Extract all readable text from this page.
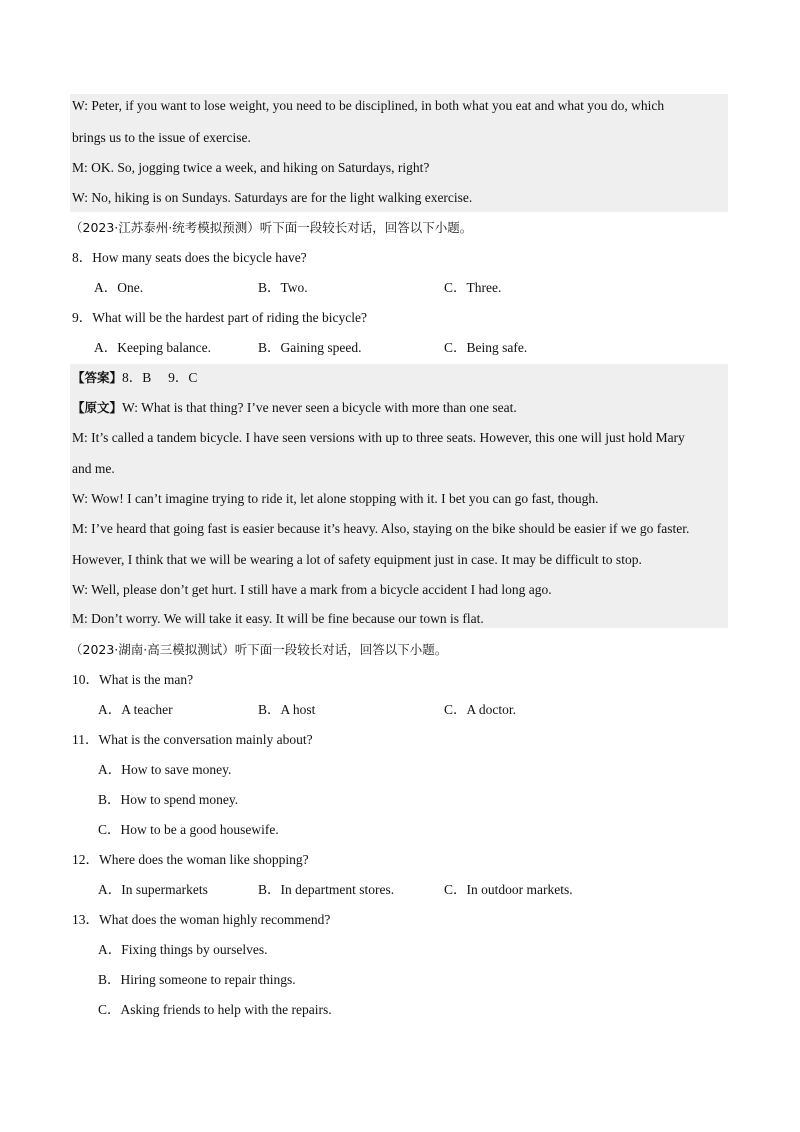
W: Peter, if you want to lose weight, you need to be disciplined, in both what you eat and what you do, which
brings us to the issue of exercise.
M: OK. So, jogging twice a week, and hiking on Saturdays, right?
W: No, hiking is on Sundays. Saturdays are for the light walking exercise.
（2023·江苏泰州·统考模拟预测）听下面一段较长对话，回答以下小题。
8．How many seats does the bicycle have?
A．One.	B．Two.	C．Three.
9．What will be the hardest part of riding the bicycle?
A．Keeping balance.	B．Gaining speed.	C．Being safe.
【答案】8．B　 9．C
【原文】W: What is that thing? I’ve never seen a bicycle with more than one seat.
M: It’s called a tandem bicycle. I have seen versions with up to three seats. However, this one will just hold Mary
and me.
W: Wow! I can’t imagine trying to ride it, let alone stopping with it. I bet you can go fast, though.
M: I’ve heard that going fast is easier because it’s heavy. Also, staying on the bike should be easier if we go faster.
However, I think that we will be wearing a lot of safety equipment just in case. It may be difficult to stop.
W: Well, please don’t get hurt. I still have a mark from a bicycle accident I had long ago.
M: Don’t worry. We will take it easy. It will be fine because our town is flat.
（2023·湖南·高三模拟测试）听下面一段较长对话，回答以下小题。
10．What is the man?
A．A teacher	B．A host	C．A doctor.
11．What is the conversation mainly about?
A．How to save money.
B．How to spend money.
C．How to be a good housewife.
12．Where does the woman like shopping?
A．In supermarkets	B．In department stores.	C．In outdoor markets.
13．What does the woman highly recommend?
A．Fixing things by ourselves.
B．Hiring someone to repair things.
C．Asking friends to help with the repairs.
